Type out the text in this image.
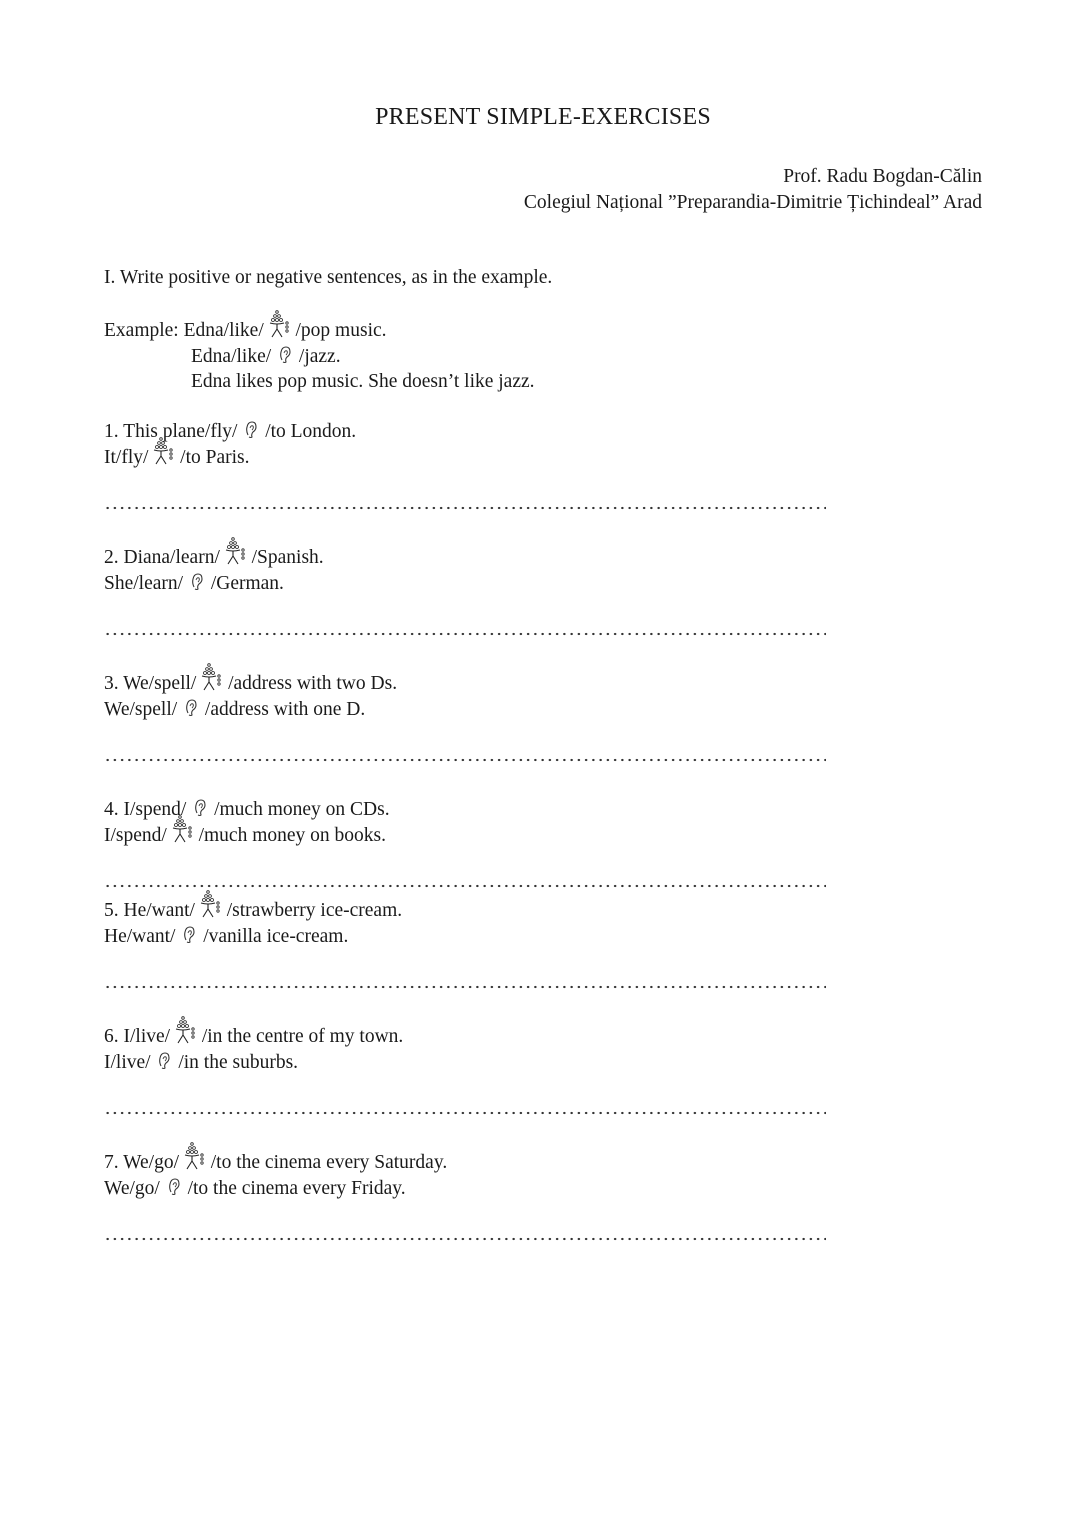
PRESENT SIMPLE-EXERCISES
Prof. Radu Bogdan-Călin
Colegiul Național ”Preparandia-Dimitrie Țichindeal” Arad
I. Write positive or negative sentences, as in the example.
Example: Edna/like/ /pop music.
Edna/like/ /jazz.
Edna likes pop music. She doesn’t like jazz.
1. This plane/fly/ /to London.
It/fly/ /to Paris.
2. Diana/learn/ /Spanish.
She/learn/ /German.
3. We/spell/ /address with two Ds.
We/spell/ /address with one D.
4. I/spend/ /much money on CDs.
I/spend/ /much money on books.
5. He/want/ /strawberry ice-cream.
He/want/ /vanilla ice-cream.
6. I/live/ /in the centre of my town.
I/live/ /in the suburbs.
7. We/go/ /to the cinema every Saturday.
We/go/ /to the cinema every Friday.
